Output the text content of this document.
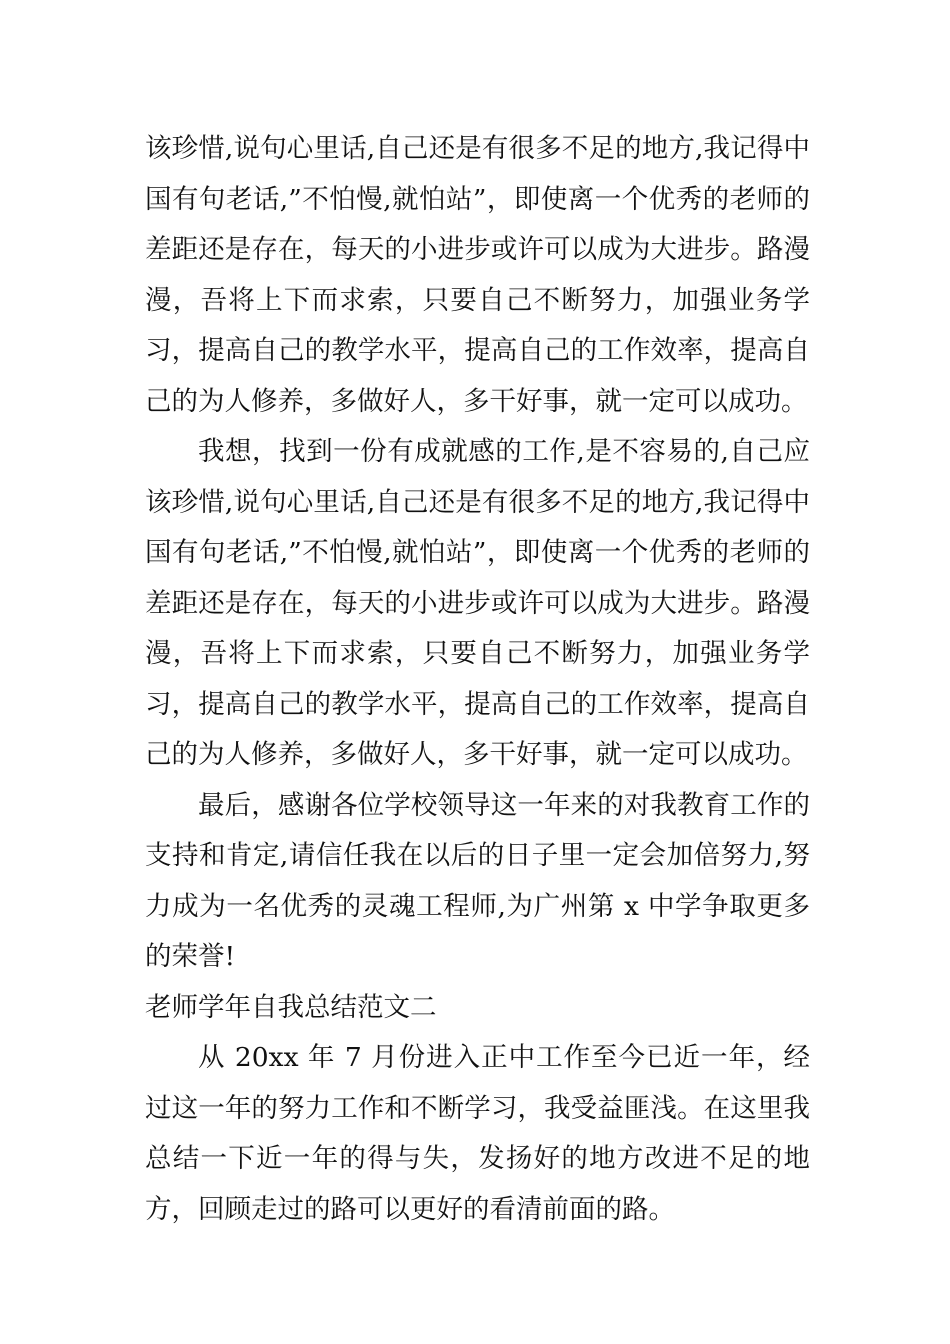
该珍惜,说句心里话,自己还是有很多不足的地方,我记得中国有句老话,”不怕慢,就怕站”，即使离一个优秀的老师的差距还是存在，每天的小进步或许可以成为大进步。路漫漫，吾将上下而求索，只要自己不断努力，加强业务学习，提高自己的教学水平，提高自己的工作效率，提高自己的为人修养，多做好人，多干好事，就一定可以成功。

我想，找到一份有成就感的工作,是不容易的,自己应该珍惜,说句心里话,自己还是有很多不足的地方,我记得中国有句老话,”不怕慢,就怕站”，即使离一个优秀的老师的差距还是存在，每天的小进步或许可以成为大进步。路漫漫，吾将上下而求索，只要自己不断努力，加强业务学习，提高自己的教学水平，提高自己的工作效率，提高自己的为人修养，多做好人，多干好事，就一定可以成功。

最后，感谢各位学校领导这一年来的对我教育工作的支持和肯定,请信任我在以后的日子里一定会加倍努力,努力成为一名优秀的灵魂工程师,为广州第 x 中学争取更多的荣誉!

老师学年自我总结范文二

从 20xx 年 7 月份进入正中工作至今已近一年，经过这一年的努力工作和不断学习，我受益匪浅。在这里我总结一下近一年的得与失，发扬好的地方改进不足的地方，回顾走过的路可以更好的看清前面的路。
